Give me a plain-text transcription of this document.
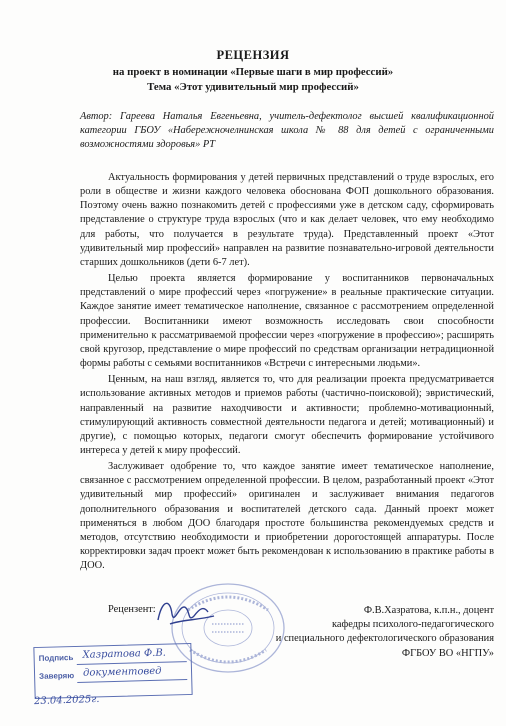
РЕЦЕНЗИЯ
на проект в номинации «Первые шаги в мир профессий»
Тема «Этот удивительный мир профессий»
Автор: Гареева Наталья Евгеньевна, учитель-дефектолог высшей квалификационной категории ГБОУ «Набережночелнинская школа № 88 для детей с ограниченными возможностями здоровья» РТ

Актуальность формирования у детей первичных представлений о труде взрослых, его роли в обществе и жизни каждого человека обоснована ФОП дошкольного образования. Поэтому очень важно познакомить детей с профессиями уже в детском саду, сформировать представление о структуре труда взрослых (что и как делает человек, что ему необходимо для работы, что получается в результате труда). Представленный проект «Этот удивительный мир профессий» направлен на развитие познавательно-игровой деятельности старших дошкольников (дети 6-7 лет).

Целью проекта является формирование у воспитанников первоначальных представлений о мире профессий через «погружение» в реальные практические ситуации. Каждое занятие имеет тематическое наполнение, связанное с рассмотрением определенной профессии. Воспитанники имеют возможность исследовать свои способности применительно к рассматриваемой профессии через «погружение в профессию»; расширять свой кругозор, представление о мире профессий по средствам организации нетрадиционной формы работы с семьями воспитанников «Встречи с интересными людьми».

Ценным, на наш взгляд, является то, что для реализации проекта предусматривается использование активных методов и приемов работы (частично-поисковой); эвристический, направленный на развитие находчивости и активности; проблемно-мотивационный, стимулирующий активность совместной деятельности педагога и детей; мотивационный) и другие), с помощью которых, педагоги смогут обеспечить формирование устойчивого интереса у детей к миру профессий.

Заслуживает одобрение то, что каждое занятие имеет тематическое наполнение, связанное с рассмотрением определенной профессии. В целом, разработанный проект «Этот удивительный мир профессий» оригинален и заслуживает внимания педагогов дополнительного образования и воспитателей детского сада. Данный проект может применяться в любом ДОО благодаря простоте большинства рекомендуемых средств и методов, отсутствию необходимости и приобретении дорогостоящей аппаратуры. После корректировки задач проект может быть рекомендован к использованию в практике работы в ДОО.

Рецензент:	Ф.В.Хазратова, к.п.н., доцент
кафедры психолого-педагогического
и специального дефектологического образования
ФГБОУ ВО «НГПУ»
Подпись Хазратова Ф.В.
Заверяю документовед
23.04.2025г.
